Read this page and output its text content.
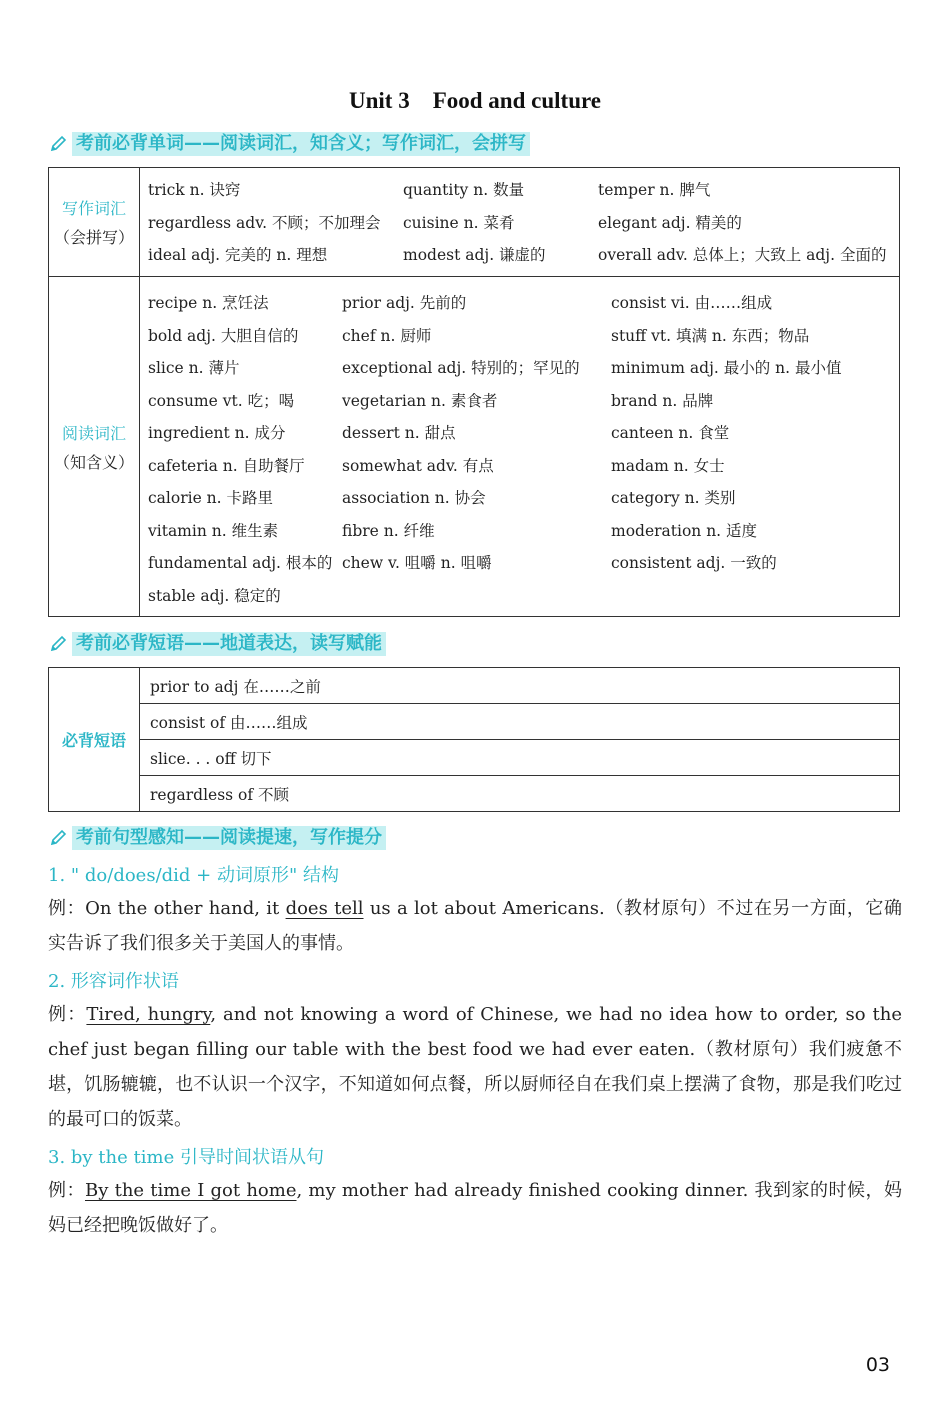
Unit 3 Food and culture
考前必背单词——阅读词汇，知含义；写作词汇，会拼写
写作词汇
（会拼写）
trick n. 诀窍
regardless adv. 不顾；不加理会
ideal adj. 完美的 n. 理想
quantity n. 数量
cuisine n. 菜肴
modest adj. 谦虚的
temper n. 脾气
elegant adj. 精美的
overall adv. 总体上；大致上 adj. 全面的
阅读词汇
（知含义）
recipe n. 烹饪法
bold adj. 大胆自信的
slice n. 薄片
consume vt. 吃；喝
ingredient n. 成分
cafeteria n. 自助餐厅
calorie n. 卡路里
vitamin n. 维生素
fundamental adj. 根本的
stable adj. 稳定的
prior adj. 先前的
chef n. 厨师
exceptional adj. 特别的；罕见的
vegetarian n. 素食者
dessert n. 甜点
somewhat adv. 有点
association n. 协会
fibre n. 纤维
chew v. 咀嚼 n. 咀嚼
consist vi. 由……组成
stuff vt. 填满 n. 东西；物品
minimum adj. 最小的 n. 最小值
brand n. 品牌
canteen n. 食堂
madam n. 女士
category n. 类别
moderation n. 适度
consistent adj. 一致的
考前必背短语——地道表达，读写赋能
必背短语
prior to adj 在……之前
consist of 由……组成
slice. . . off 切下
regardless of 不顾
考前句型感知——阅读提速，写作提分
1. " do/does/did + 动词原形" 结构
例：On the other hand, it does tell us a lot about Americans.（教材原句）不过在另一方面，它确实告诉了我们很多关于美国人的事情。
2. 形容词作状语
例：Tired, hungry, and not knowing a word of Chinese, we had no idea how to order, so the chef just began filling our table with the best food we had ever eaten.（教材原句）我们疲惫不堪，饥肠辘辘，也不认识一个汉字，不知道如何点餐，所以厨师径自在我们桌上摆满了食物，那是我们吃过的最可口的饭菜。
3. by the time 引导时间状语从句
例：By the time I got home, my mother had already finished cooking dinner. 我到家的时候，妈妈已经把晚饭做好了。
03
